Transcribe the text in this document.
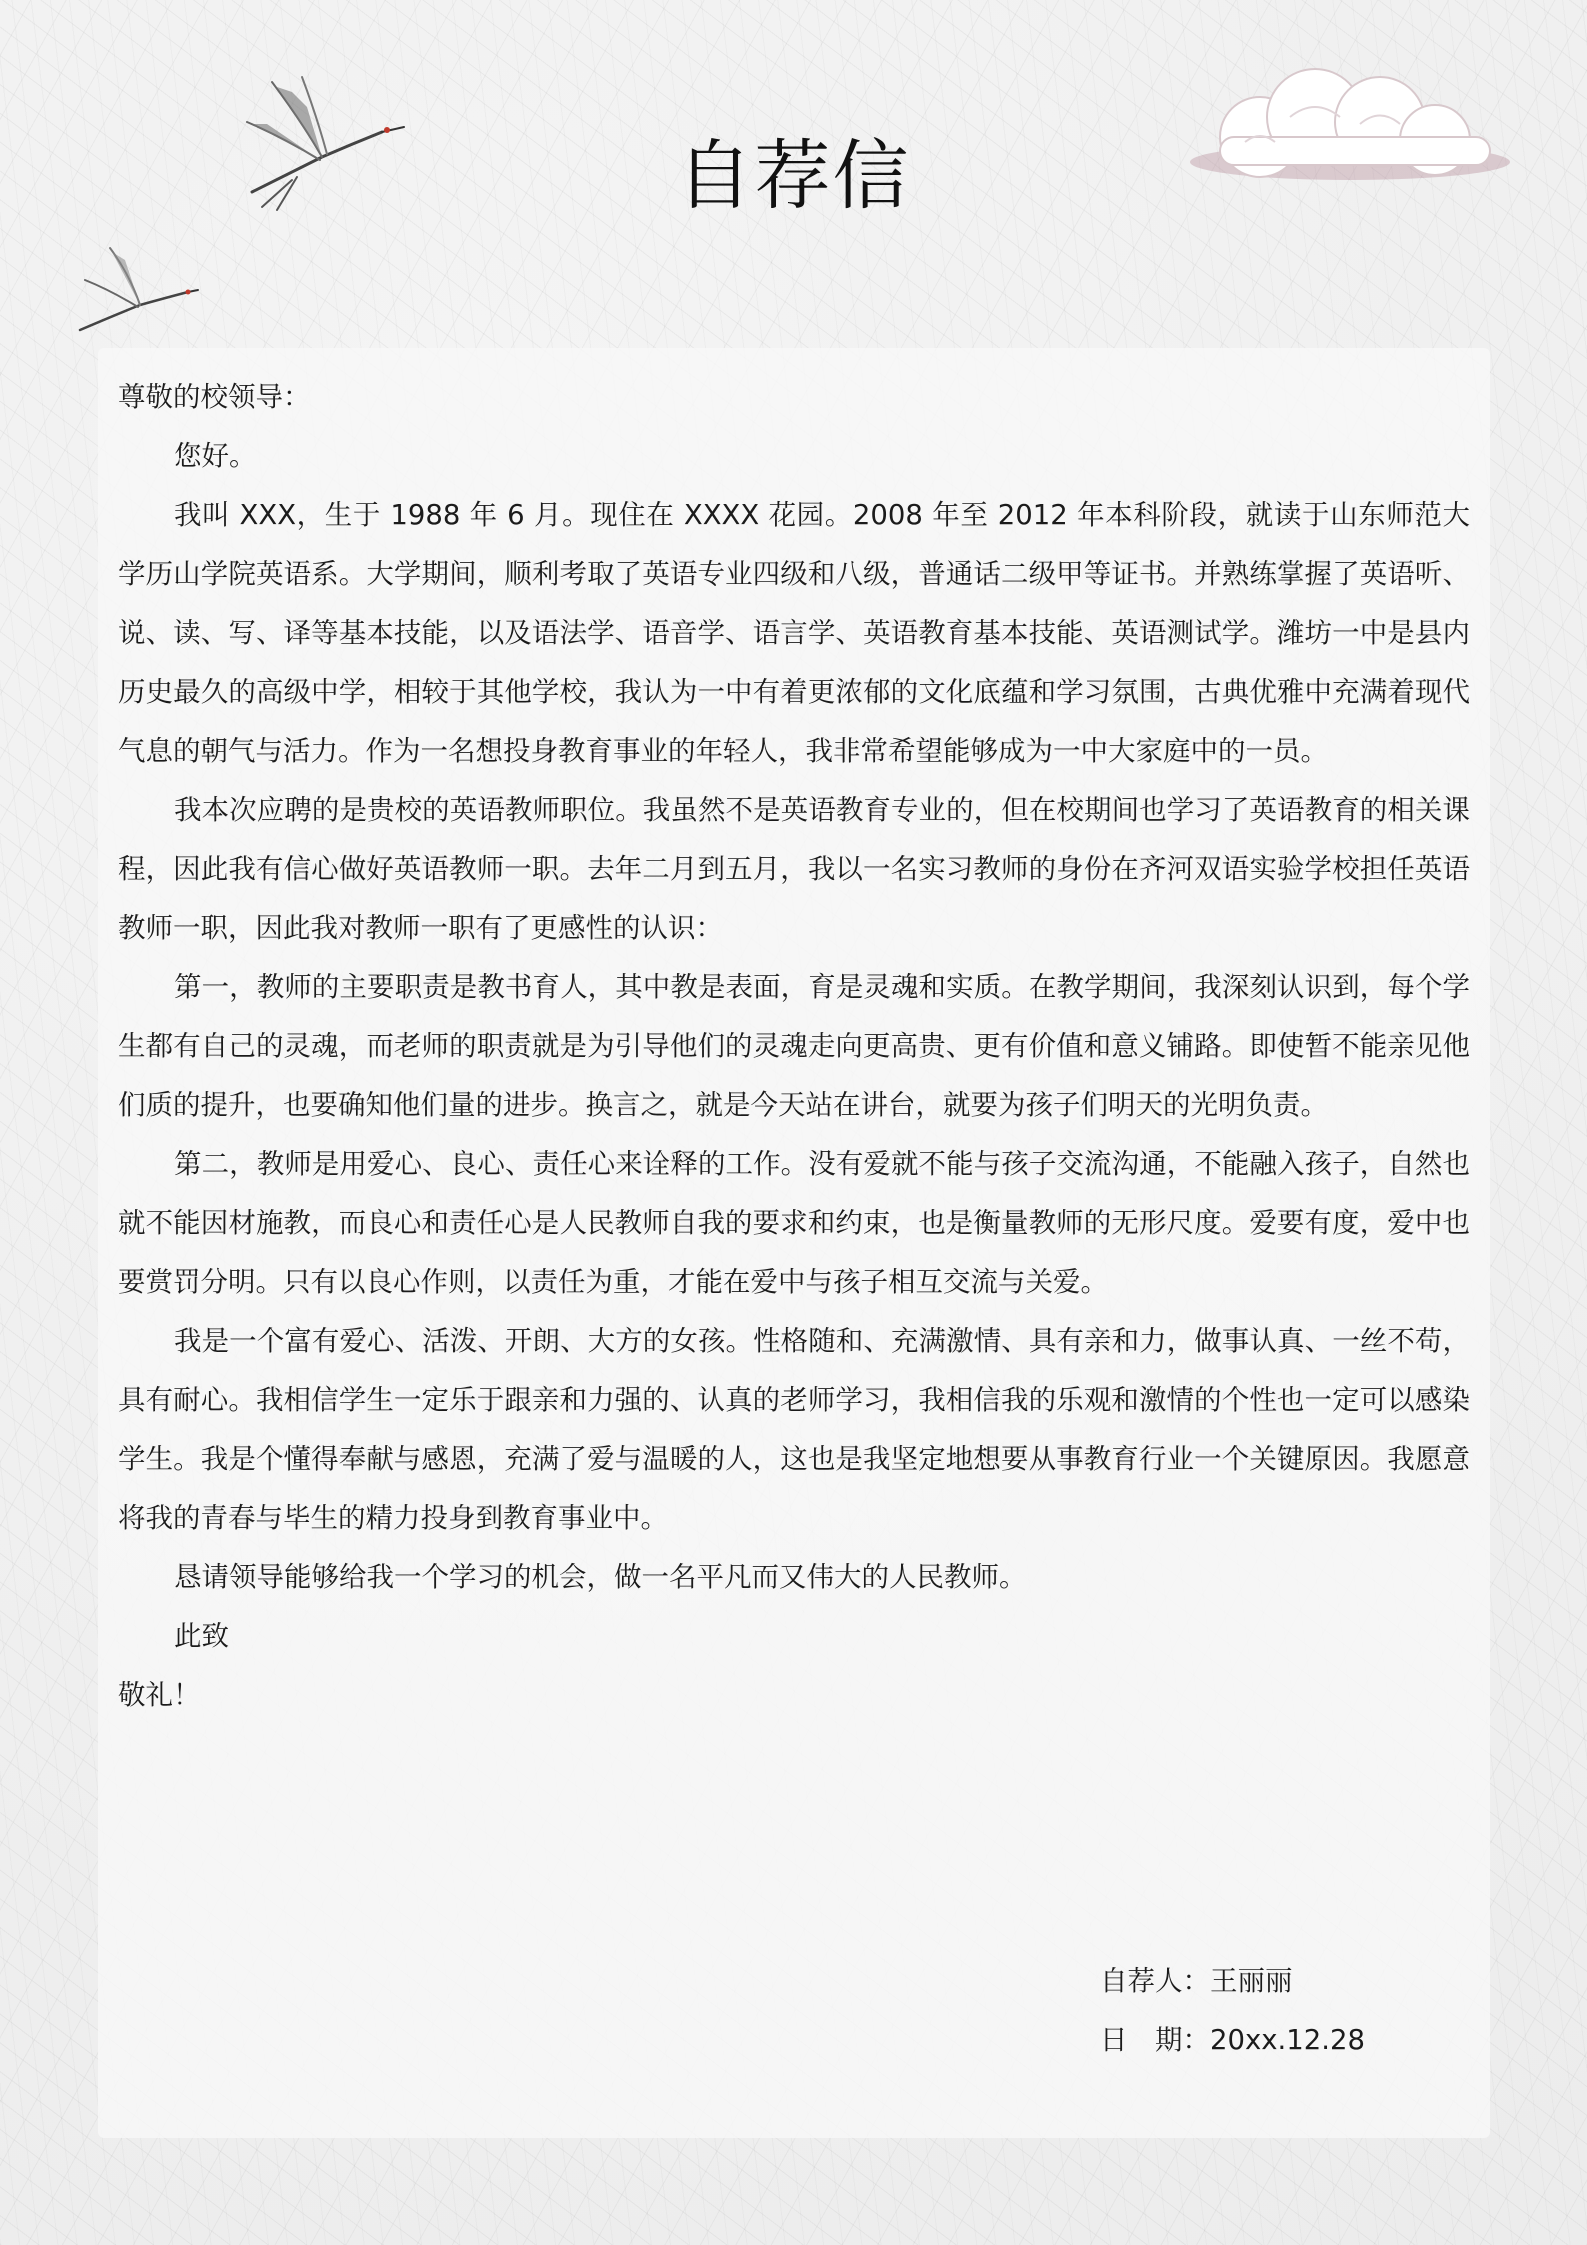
自荐信

尊敬的校领导：

您好。

我叫 XXX，生于 1988 年 6 月。现住在 XXXX 花园。2008 年至 2012 年本科阶段，就读于山东师范大学历山学院英语系。大学期间，顺利考取了英语专业四级和八级，普通话二级甲等证书。并熟练掌握了英语听、说、读、写、译等基本技能，以及语法学、语音学、语言学、英语教育基本技能、英语测试学。潍坊一中是县内历史最久的高级中学，相较于其他学校，我认为一中有着更浓郁的文化底蕴和学习氛围，古典优雅中充满着现代气息的朝气与活力。作为一名想投身教育事业的年轻人，我非常希望能够成为一中大家庭中的一员。

我本次应聘的是贵校的英语教师职位。我虽然不是英语教育专业的，但在校期间也学习了英语教育的相关课程，因此我有信心做好英语教师一职。去年二月到五月，我以一名实习教师的身份在齐河双语实验学校担任英语教师一职，因此我对教师一职有了更感性的认识：

第一，教师的主要职责是教书育人，其中教是表面，育是灵魂和实质。在教学期间，我深刻认识到，每个学生都有自己的灵魂，而老师的职责就是为引导他们的灵魂走向更高贵、更有价值和意义铺路。即使暂不能亲见他们质的提升，也要确知他们量的进步。换言之，就是今天站在讲台，就要为孩子们明天的光明负责。

第二，教师是用爱心、良心、责任心来诠释的工作。没有爱就不能与孩子交流沟通，不能融入孩子，自然也就不能因材施教，而良心和责任心是人民教师自我的要求和约束，也是衡量教师的无形尺度。爱要有度，爱中也要赏罚分明。只有以良心作则，以责任为重，才能在爱中与孩子相互交流与关爱。

我是一个富有爱心、活泼、开朗、大方的女孩。性格随和、充满激情、具有亲和力，做事认真、一丝不苟，具有耐心。我相信学生一定乐于跟亲和力强的、认真的老师学习，我相信我的乐观和激情的个性也一定可以感染学生。我是个懂得奉献与感恩，充满了爱与温暖的人，这也是我坚定地想要从事教育行业一个关键原因。我愿意将我的青春与毕生的精力投身到教育事业中。

恳请领导能够给我一个学习的机会，做一名平凡而又伟大的人民教师。

此致

敬礼！

自荐人： 王丽丽
日　期： 20xx.12.28
